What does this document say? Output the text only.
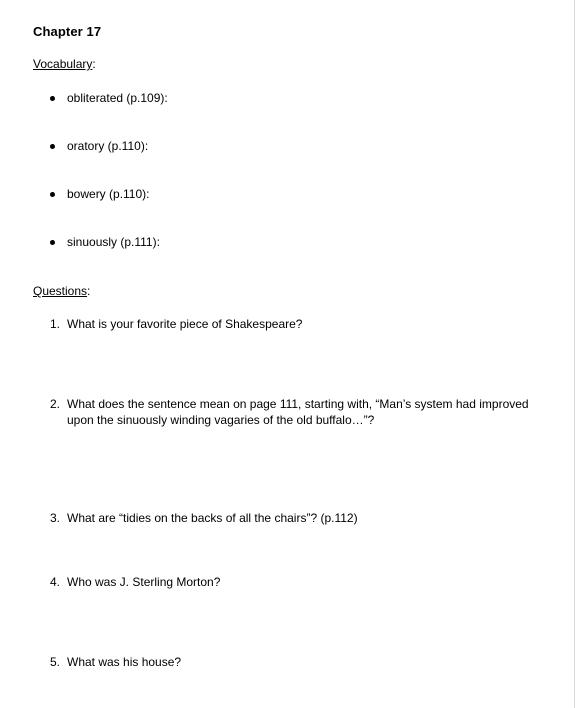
Chapter 17
Vocabulary:
obliterated (p.109):
oratory (p.110):
bowery (p.110):
sinuously (p.111):
Questions:
1. What is your favorite piece of Shakespeare?
2. What does the sentence mean on page 111, starting with, “Man’s system had improved upon the sinuously winding vagaries of the old buffalo…”?
3. What are “tidies on the backs of all the chairs”? (p.112)
4. Who was J. Sterling Morton?
5. What was his house?
